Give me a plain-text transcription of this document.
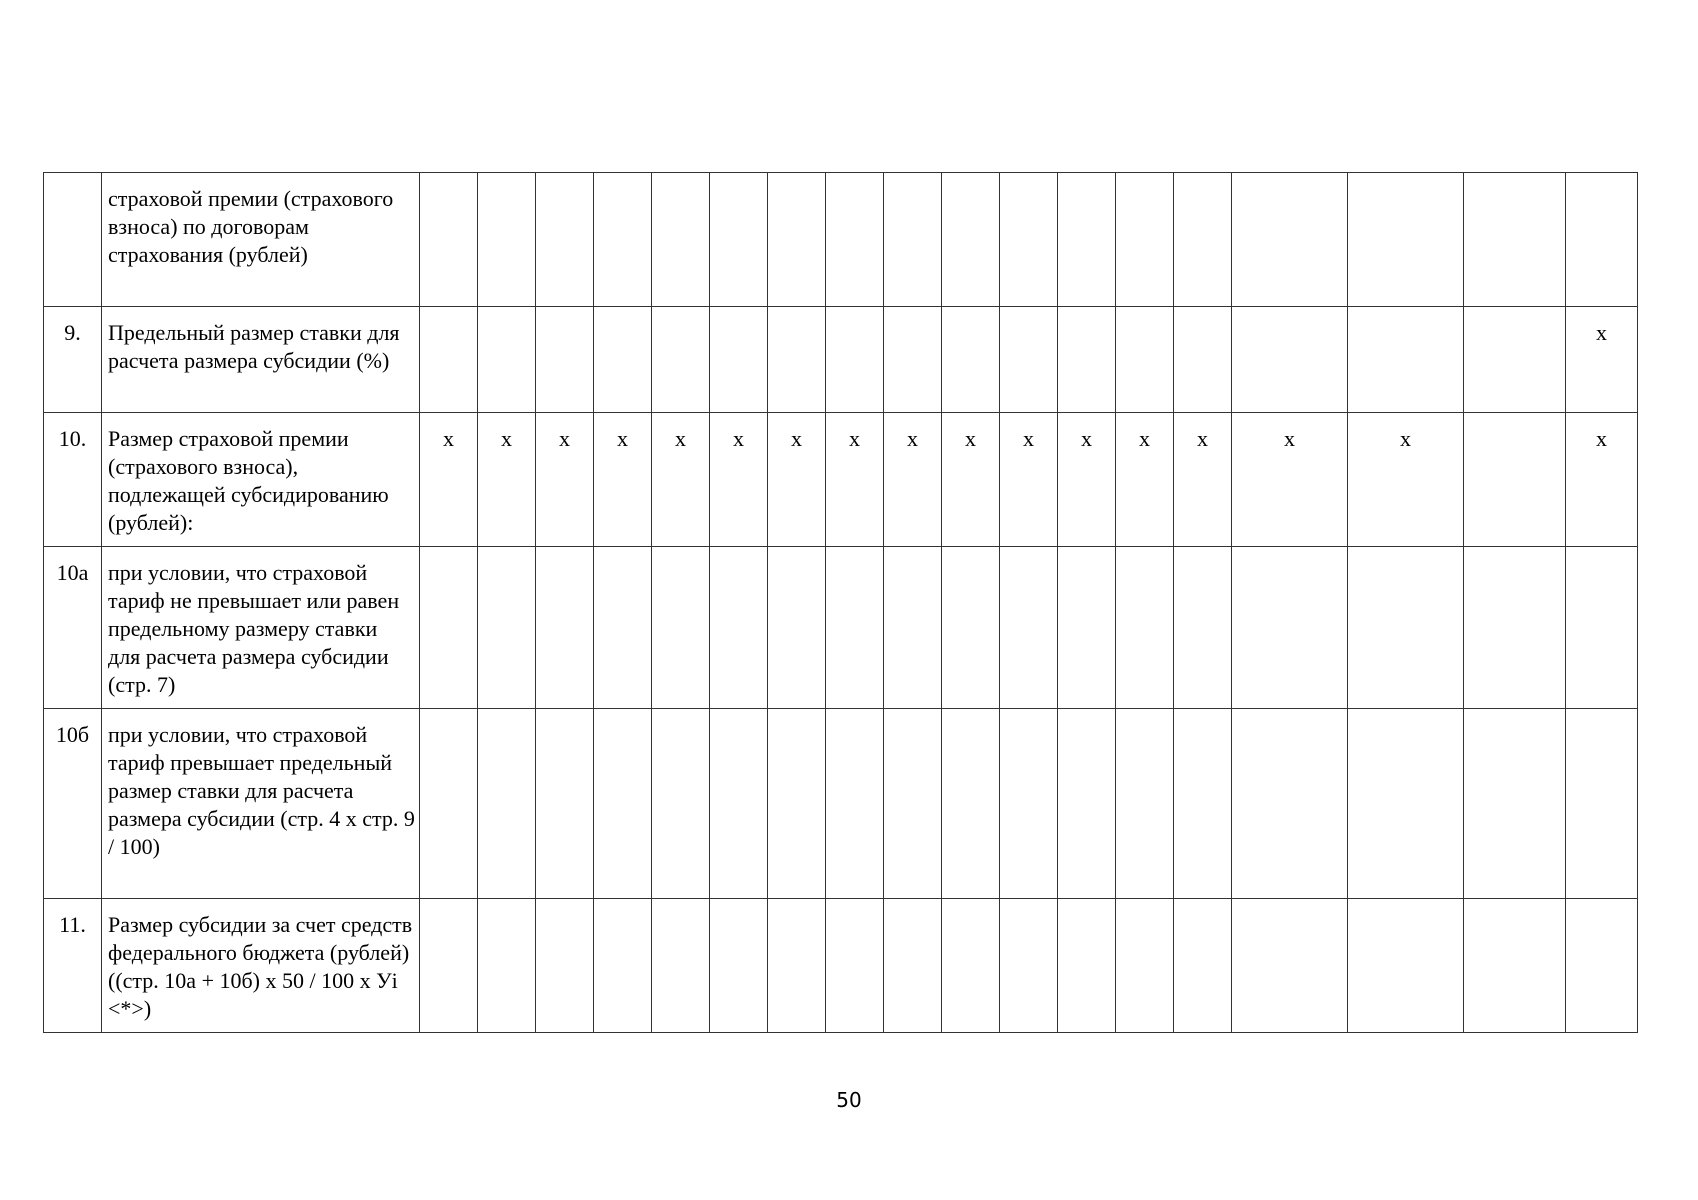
	страховой премии (страхового взноса) по договорам страхования (рублей)																		
9.	Предельный размер ставки для расчета размера субсидии (%)																		x
10.	Размер страховой премии (страхового взноса), подлежащей субсидированию (рублей):	x	x	x	x	x	x	x	x	x	x	x	x	x	x	x	x		x
10а	при условии, что страховой тариф не превышает или равен предельному размеру ставки для расчета размера субсидии (стр. 7)																		
10б	при условии, что страховой тариф превышает предельный размер ставки для расчета размера субсидии (стр. 4 x стр. 9 / 100)																		
11.	Размер субсидии за счет средств федерального бюджета (рублей) ((стр. 10а + 10б) x 50 / 100 x Уi <*>)																		
50
